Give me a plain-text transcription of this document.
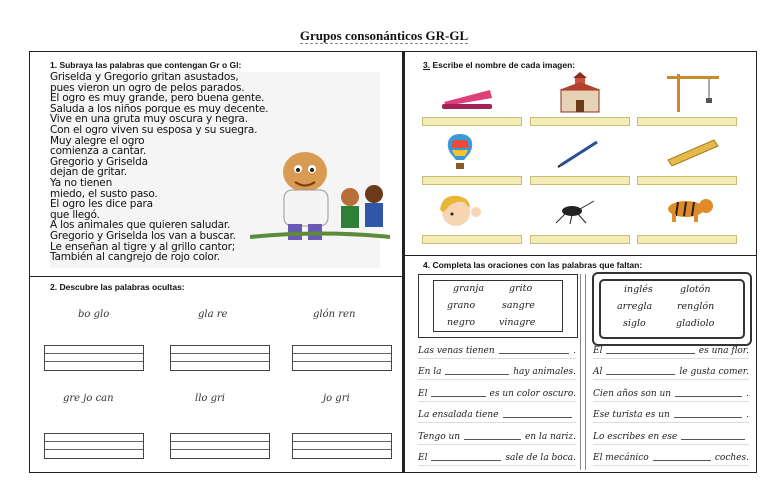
Grupos consonánticos GR-GL
1. Subraya las palabras que contengan Gr o Gl:
Griselda y Gregorio gritan asustados,
pues vieron un ogro de pelos parados.
El ogro es muy grande, pero buena gente.
Saluda a los niños porque es muy decente.
Vive en una gruta muy oscura y negra.
Con el ogro viven su esposa y su suegra.
Muy alegre el ogro
comienza a cantar.
Gregorio y Griselda
dejan de gritar.
Ya no tienen
miedo, el susto paso.
El ogro les dice para
que llegó.
A los animales que quieren saludar.
Gregorio y Griselda los van a buscar.
Le enseñan al tigre y al grillo cantor;
También al cangrejo de rojo color.
2. Descubre las palabras ocultas:
bo glo	gla re	glón ren
gre jo can	llo gri	jo gri
3. Escribe el nombre de cada imagen:
4. Completa las oraciones con las palabras que faltan:
granja	grito
grano	sangre
negro	vinagre
inglés	glotón
arregla	renglón
siglo	gladiolo
Las venas tienen	.
En la	hay animales.
El	es un color oscuro.
La ensalada tiene
Tengo un	en la nariz.
El	sale de la boca.
El	es una flor.
Al	le gusta comer.
Cien años son un	.
Ese turista es un	.
Lo escribes en ese
El mecánico	coches.
